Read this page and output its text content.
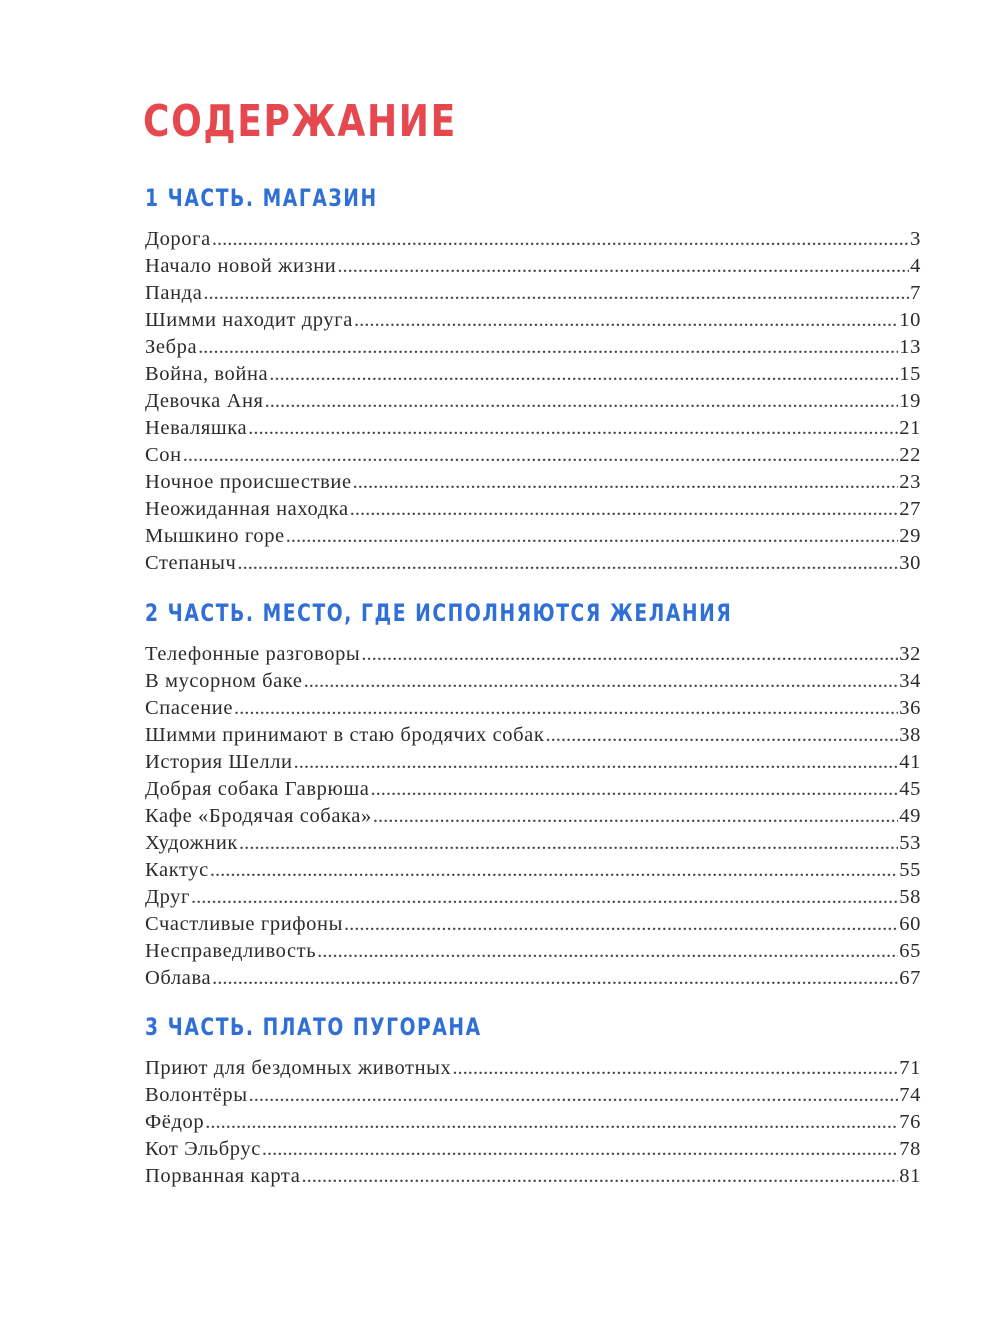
СОДЕРЖАНИЕ
1 ЧАСТЬ. МАГАЗИН
Дорога .....	3
Начало новой жизни .....	4
Панда .....	7
Шимми находит друга .....	10
Зебра .....	13
Война, война .....	15
Девочка Аня .....	19
Неваляшка .....	21
Сон .....	22
Ночное происшествие .....	23
Неожиданная находка .....	27
Мышкино горе .....	29
Степаныч .....	30
2 ЧАСТЬ. МЕСТО, ГДЕ ИСПОЛНЯЮТСЯ ЖЕЛАНИЯ
Телефонные разговоры .....	32
В мусорном баке .....	34
Спасение .....	36
Шимми принимают в стаю бродячих собак .....	38
История Шелли .....	41
Добрая собака Гаврюша .....	45
Кафе «Бродячая собака» .....	49
Художник .....	53
Кактус .....	55
Друг .....	58
Счастливые грифоны .....	60
Несправедливость .....	65
Облава .....	67
3 ЧАСТЬ. ПЛАТО ПУГОРАНА
Приют для бездомных животных .....	71
Волонтёры .....	74
Фёдор .....	76
Кот Эльбрус .....	78
Порванная карта .....	81
